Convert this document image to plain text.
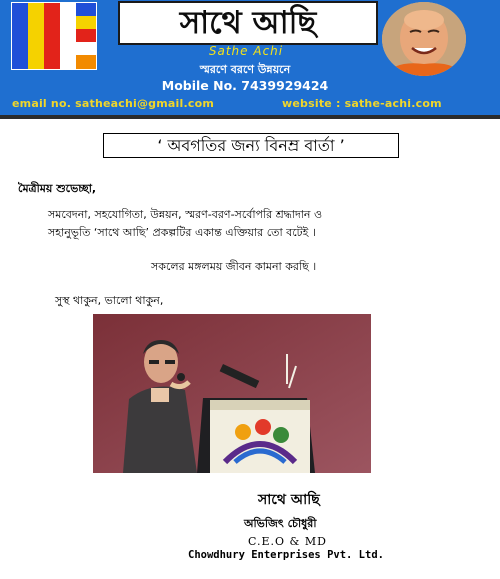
সাথে আছি
Sathe Achi
স্মরণে বরণে উন্নয়নে
Mobile No. 7439929424
email no. satheachi@gmail.com	website : sathe-achi.com
‘ অবগতির জন্য বিনম্র বার্তা ’
মৈত্রীময় শুভেচ্ছা,
সমবেদনা, সহযোগিতা, উন্নয়ন, স্মরণ-বরণ-সর্বোপরি শ্রদ্ধাদান ও
সহানুভূতি ‘সাথে আছি’ প্রকল্পটির একান্ত এক্তিয়ার তো বটেই ।
সকলের মঙ্গলময় জীবন কামনা করছি ।
সুস্থ থাকুন, ভালো থাকুন,
সাথে আছি
অভিজিৎ চৌধুরী
C.E.O & MD
Chowdhury Enterprises Pvt. Ltd.
